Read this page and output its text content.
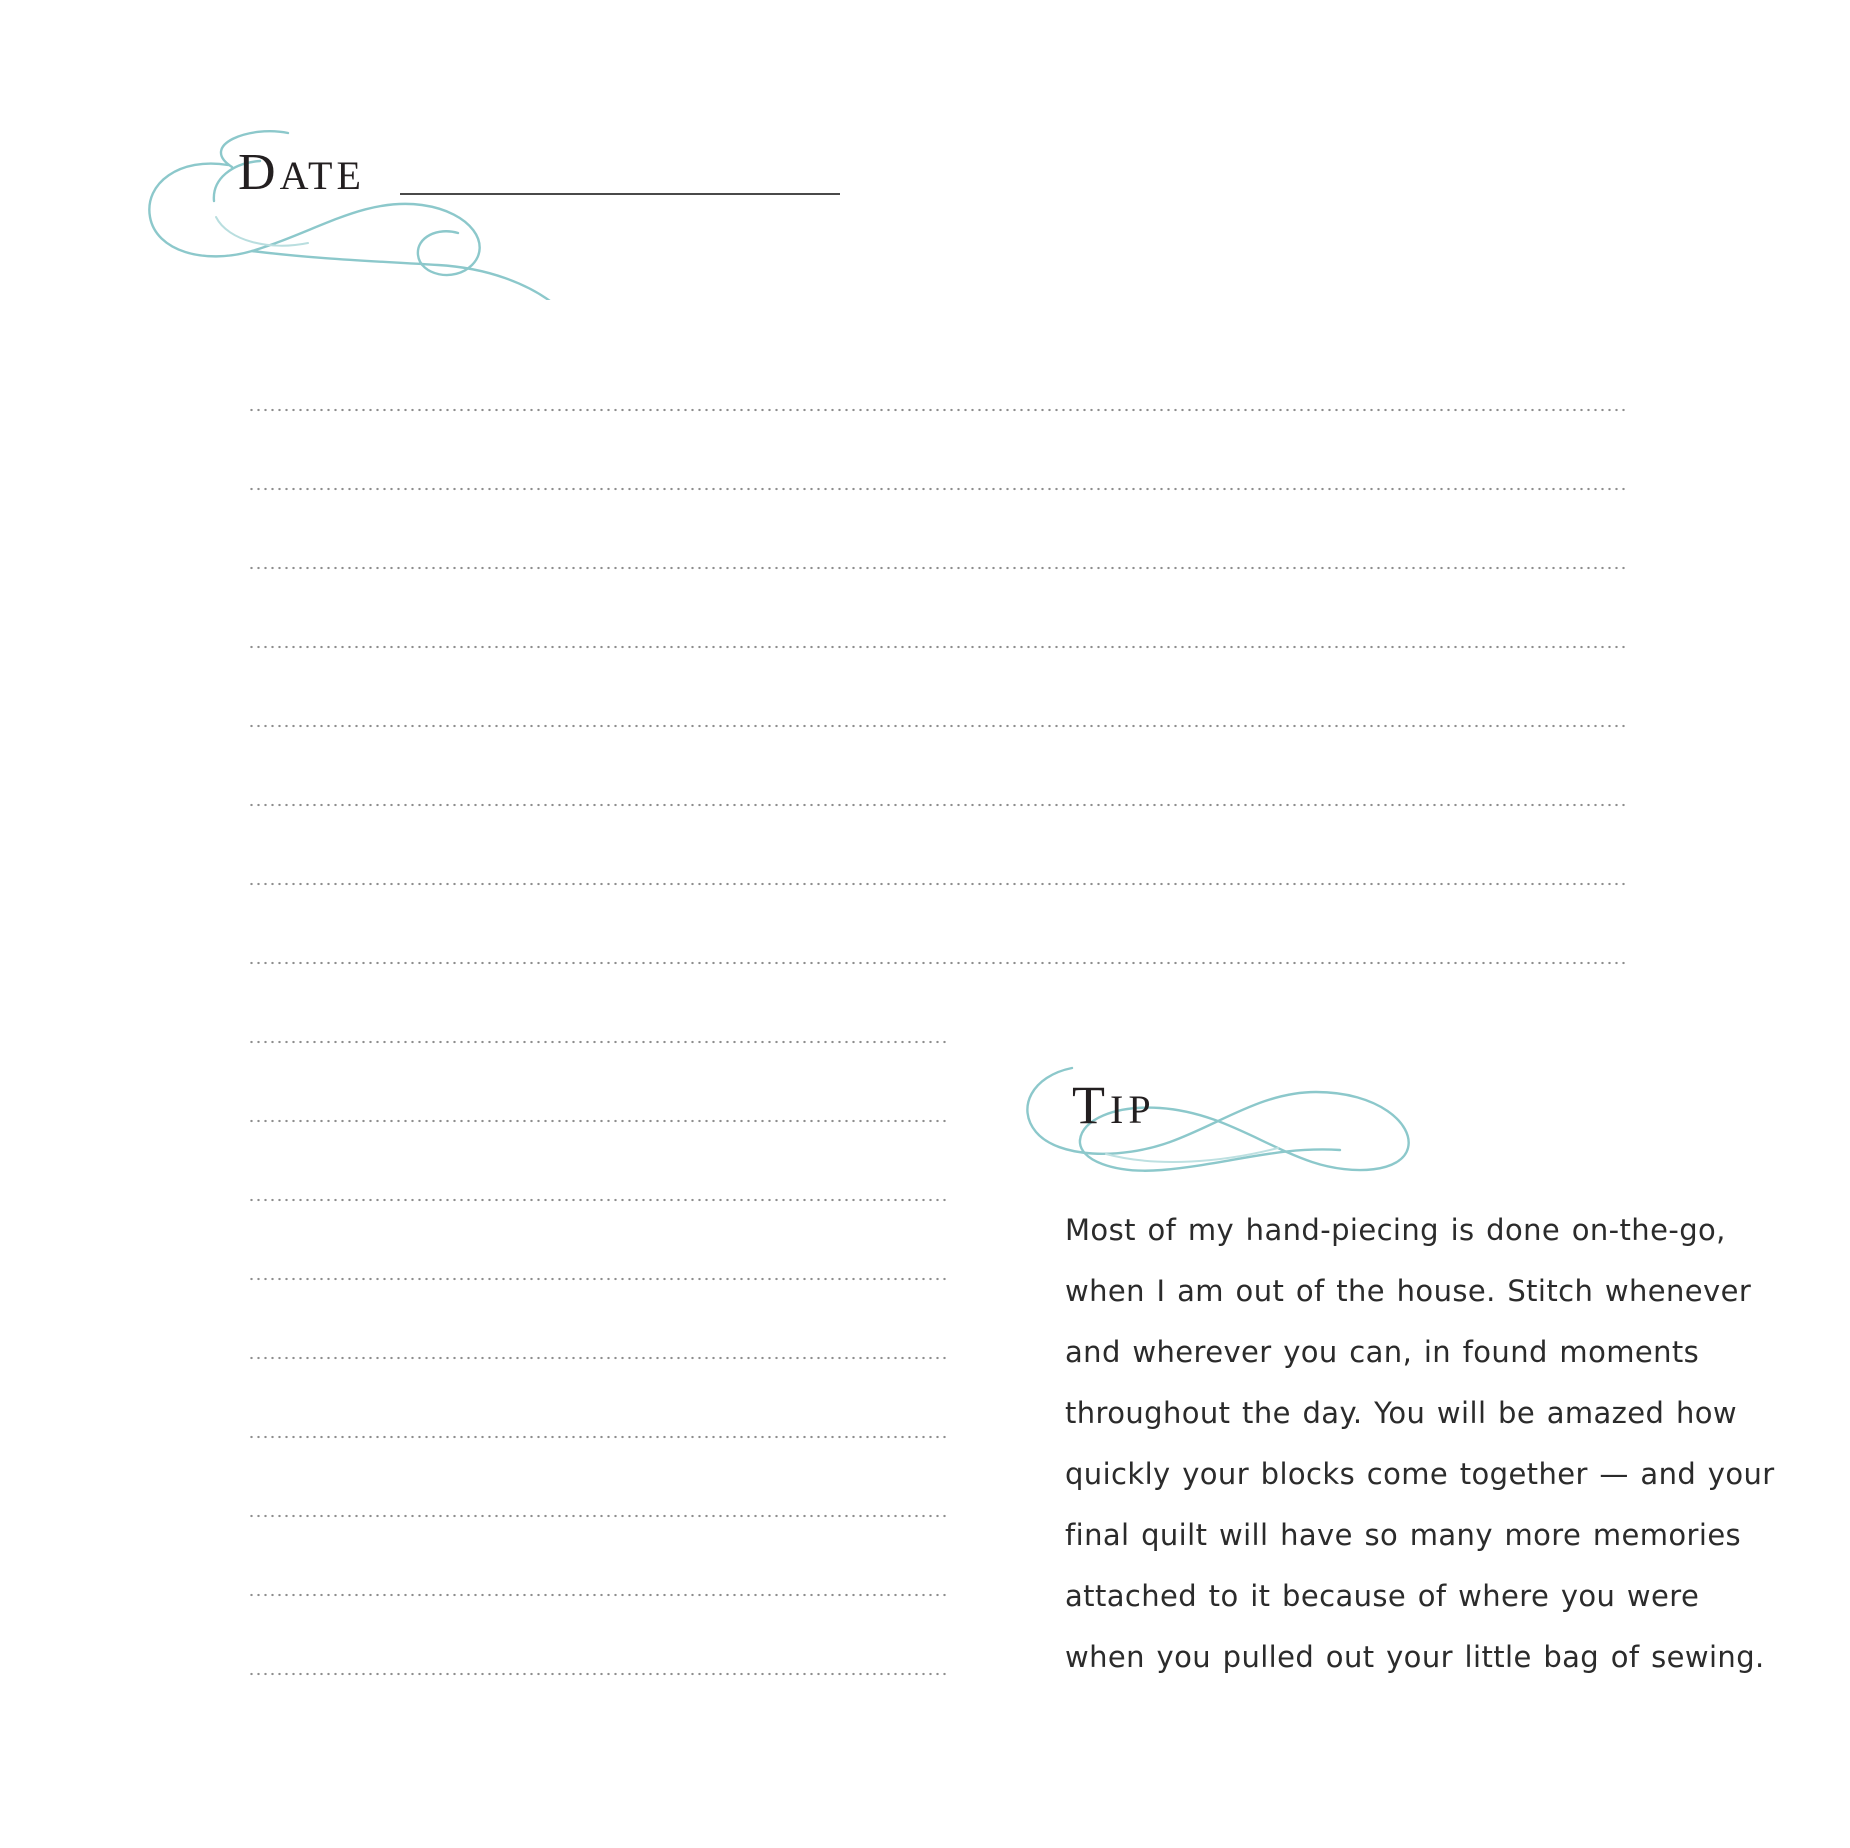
DATE
TIP
Most of my hand-piecing is done on-the-go, when I am out of the house. Stitch whenever and wherever you can, in found moments throughout the day. You will be amazed how quickly your blocks come together — and your final quilt will have so many more memories attached to it because of where you were when you pulled out your little bag of sewing.
